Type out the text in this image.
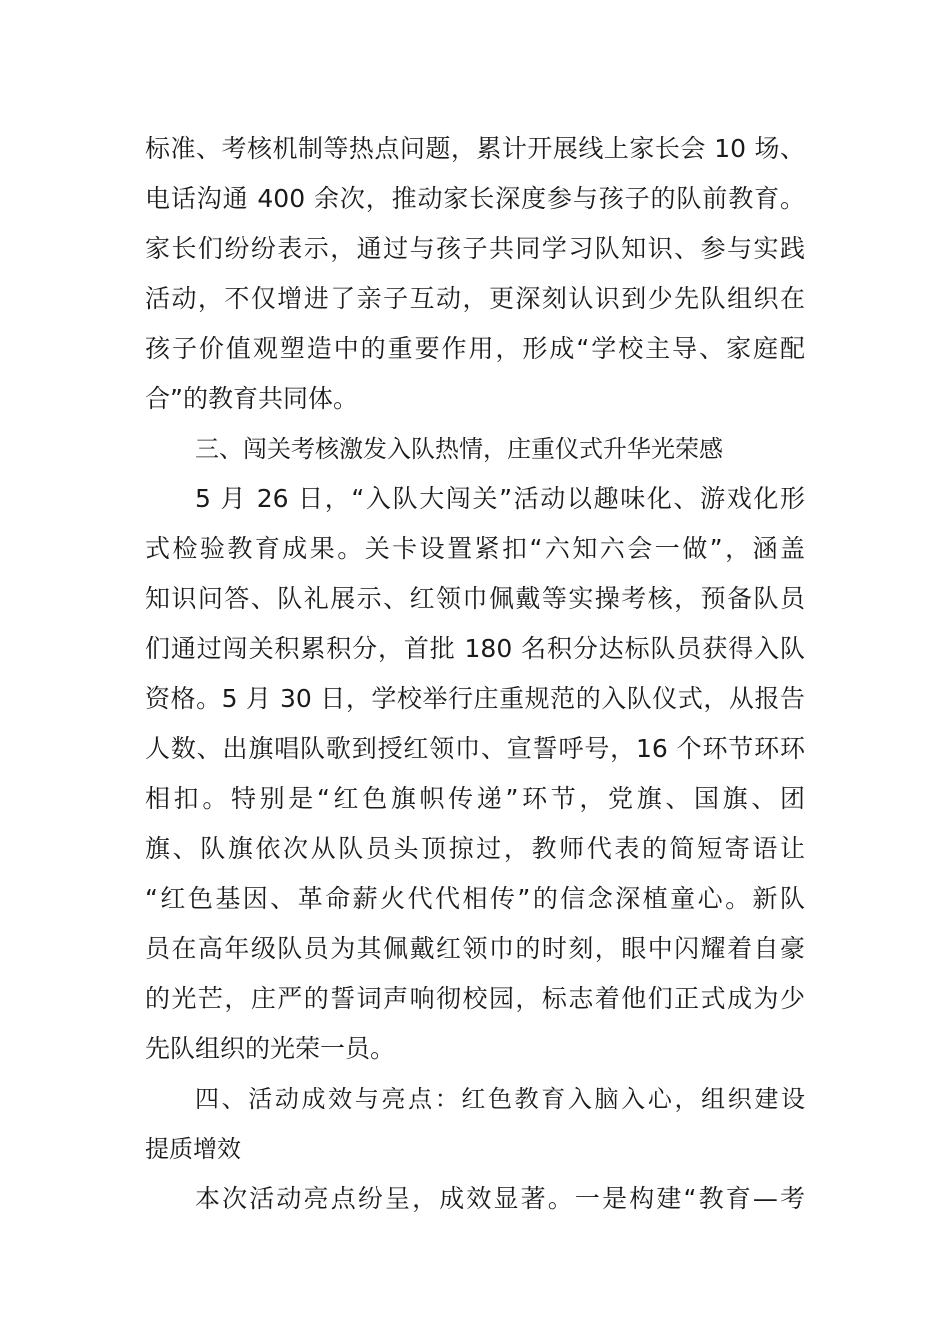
标准、考核机制等热点问题，累计开展线上家长会 10 场、
电话沟通 400 余次，推动家长深度参与孩子的队前教育。
家长们纷纷表示，通过与孩子共同学习队知识、参与实践
活动，不仅增进了亲子互动，更深刻认识到少先队组织在
孩子价值观塑造中的重要作用，形成“学校主导、家庭配
合”的教育共同体。
三、闯关考核激发入队热情，庄重仪式升华光荣感
5 月 26 日，“入队大闯关”活动以趣味化、游戏化形
式检验教育成果。关卡设置紧扣“六知六会一做”，涵盖
知识问答、队礼展示、红领巾佩戴等实操考核，预备队员
们通过闯关积累积分，首批 180 名积分达标队员获得入队
资格。5 月 30 日，学校举行庄重规范的入队仪式，从报告
人数、出旗唱队歌到授红领巾、宣誓呼号，16 个环节环环
相扣。特别是“红色旗帜传递”环节，党旗、国旗、团
旗、队旗依次从队员头顶掠过，教师代表的简短寄语让
“红色基因、革命薪火代代相传”的信念深植童心。新队
员在高年级队员为其佩戴红领巾的时刻，眼中闪耀着自豪
的光芒，庄严的誓词声响彻校园，标志着他们正式成为少
先队组织的光荣一员。
四、活动成效与亮点：红色教育入脑入心，组织建设
提质增效
本次活动亮点纷呈，成效显著。一是构建“教育—考
